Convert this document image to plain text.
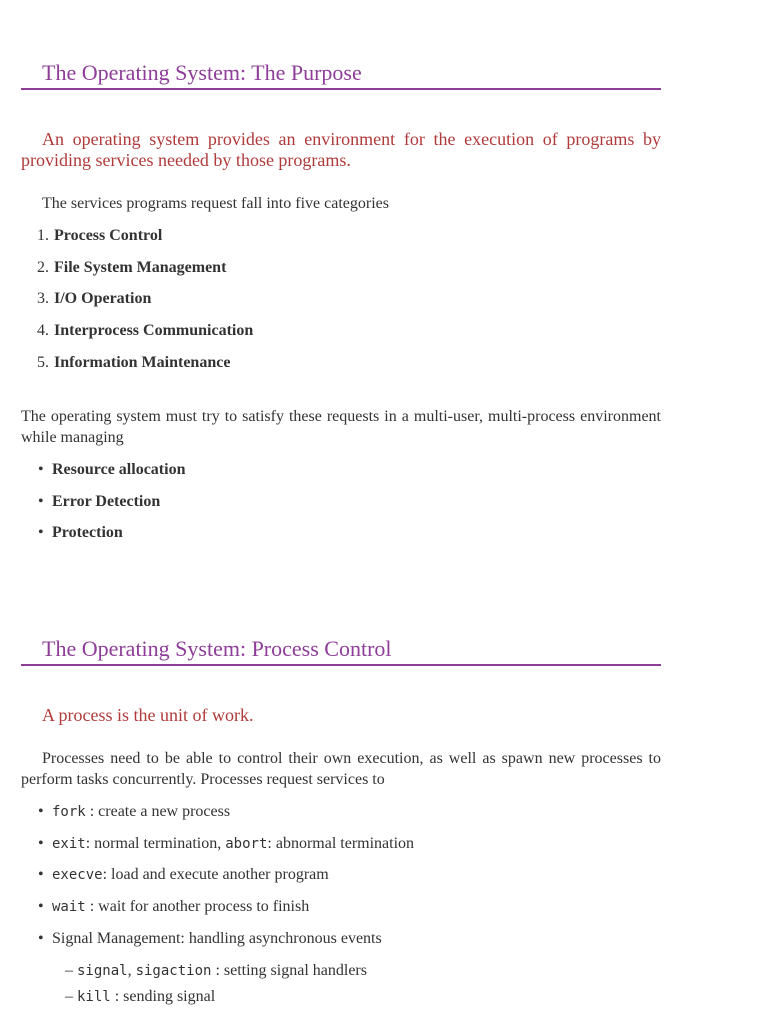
The Operating System: The Purpose
An operating system provides an environment for the execution of programs by providing services needed by those programs.
The services programs request fall into five categories
1. Process Control
2. File System Management
3. I/O Operation
4. Interprocess Communication
5. Information Maintenance
The operating system must try to satisfy these requests in a multi-user, multi-process environment while managing
• Resource allocation
• Error Detection
• Protection
The Operating System: Process Control
A process is the unit of work.
Processes need to be able to control their own execution, as well as spawn new processes to perform tasks concurrently. Processes request services to
• fork : create a new process
• exit: normal termination, abort: abnormal termination
• execve: load and execute another program
• wait : wait for another process to finish
• Signal Management: handling asynchronous events
– signal, sigaction : setting signal handlers
– kill : sending signal
